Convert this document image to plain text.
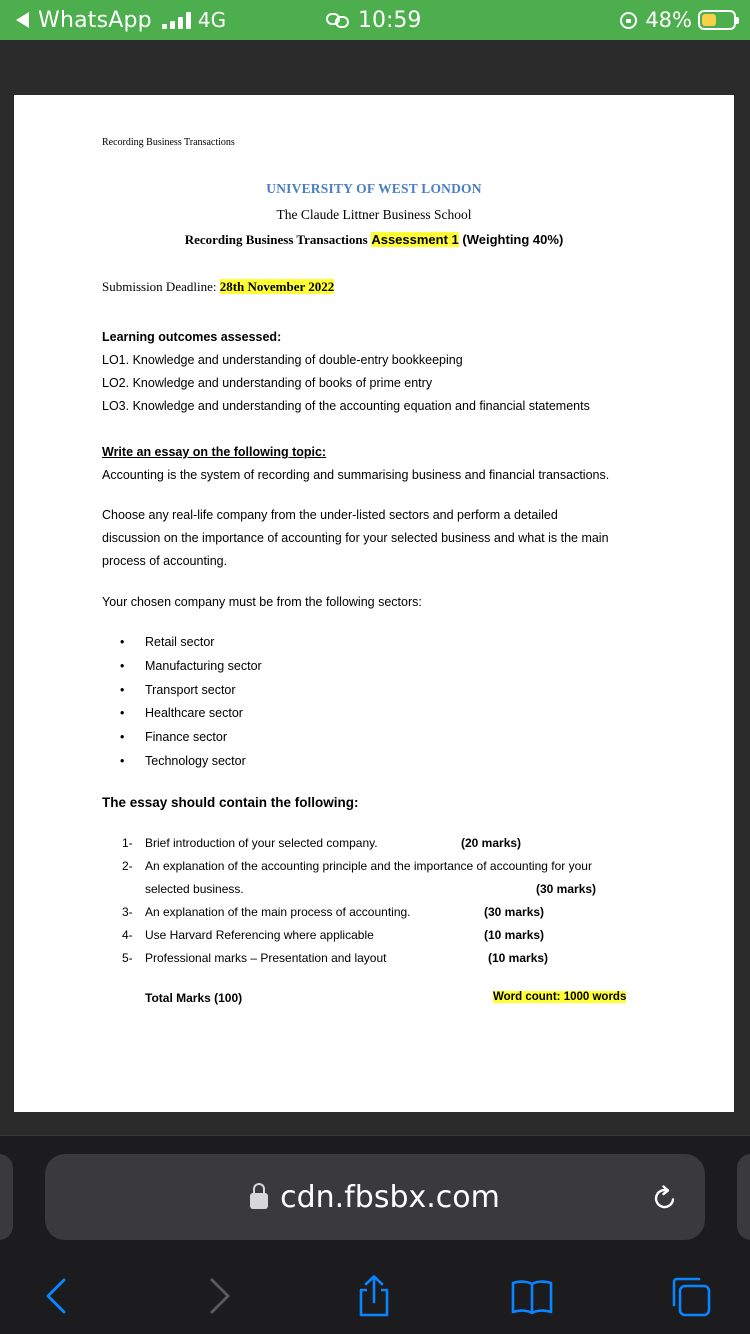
WhatsApp 4G	10:59	48%
Recording Business Transactions
UNIVERSITY OF WEST LONDON
The Claude Littner Business School
Recording Business Transactions Assessment 1 (Weighting 40%)
Submission Deadline: 28th November 2022
Learning outcomes assessed:
LO1. Knowledge and understanding of double-entry bookkeeping
LO2. Knowledge and understanding of books of prime entry
LO3. Knowledge and understanding of the accounting equation and financial statements
Write an essay on the following topic:
Accounting is the system of recording and summarising business and financial transactions.
Choose any real-life company from the under-listed sectors and perform a detailed
discussion on the importance of accounting for your selected business and what is the main
process of accounting.
Your chosen company must be from the following sectors:
• Retail sector
• Manufacturing sector
• Transport sector
• Healthcare sector
• Finance sector
• Technology sector
The essay should contain the following:
1- Brief introduction of your selected company.	(20 marks)
2- An explanation of the accounting principle and the importance of accounting for your
selected business.	(30 marks)
3- An explanation of the main process of accounting.	(30 marks)
4- Use Harvard Referencing where applicable	(10 marks)
5- Professional marks – Presentation and layout	(10 marks)
Total Marks (100)	Word count: 1000 words
cdn.fbsbx.com
